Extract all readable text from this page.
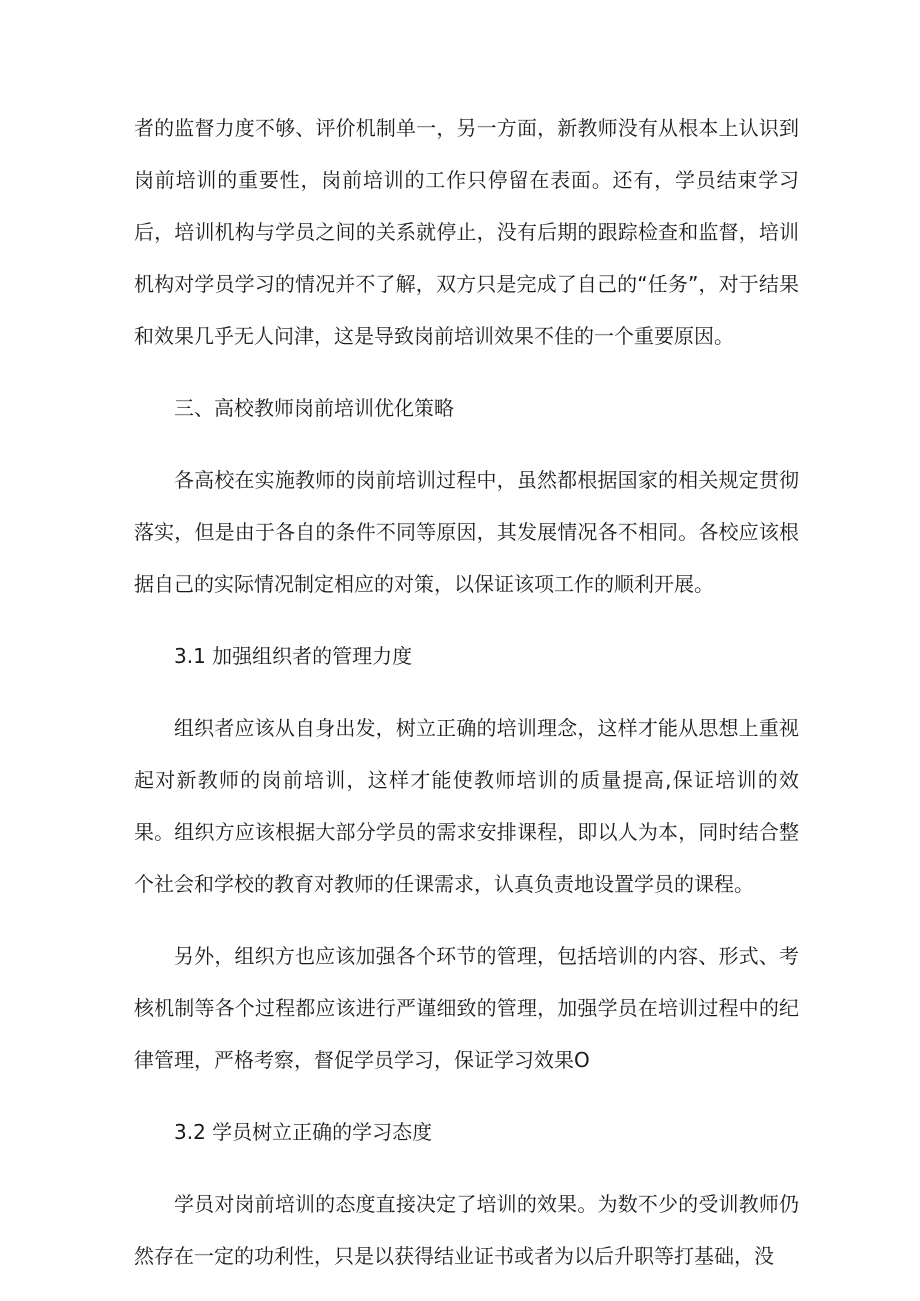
者的监督力度不够、评价机制单一，另一方面，新教师没有从根本上认识到岗前培训的重要性，岗前培训的工作只停留在表面。还有，学员结束学习后，培训机构与学员之间的关系就停止，没有后期的跟踪检查和监督，培训机构对学员学习的情况并不了解，双方只是完成了自己的“任务”，对于结果和效果几乎无人问津，这是导致岗前培训效果不佳的一个重要原因。

三、高校教师岗前培训优化策略

各高校在实施教师的岗前培训过程中，虽然都根据国家的相关规定贯彻落实，但是由于各自的条件不同等原因，其发展情况各不相同。各校应该根据自己的实际情况制定相应的对策，以保证该项工作的顺利开展。

3.1 加强组织者的管理力度

组织者应该从自身出发，树立正确的培训理念，这样才能从思想上重视起对新教师的岗前培训，这样才能使教师培训的质量提高,保证培训的效果。组织方应该根据大部分学员的需求安排课程，即以人为本，同时结合整个社会和学校的教育对教师的任课需求，认真负责地设置学员的课程。

另外，组织方也应该加强各个环节的管理，包括培训的内容、形式、考核机制等各个过程都应该进行严谨细致的管理，加强学员在培训过程中的纪律管理，严格考察，督促学员学习，保证学习效果O

3.2 学员树立正确的学习态度

学员对岗前培训的态度直接决定了培训的效果。为数不少的受训教师仍然存在一定的功利性，只是以获得结业证书或者为以后升职等打基础，没
